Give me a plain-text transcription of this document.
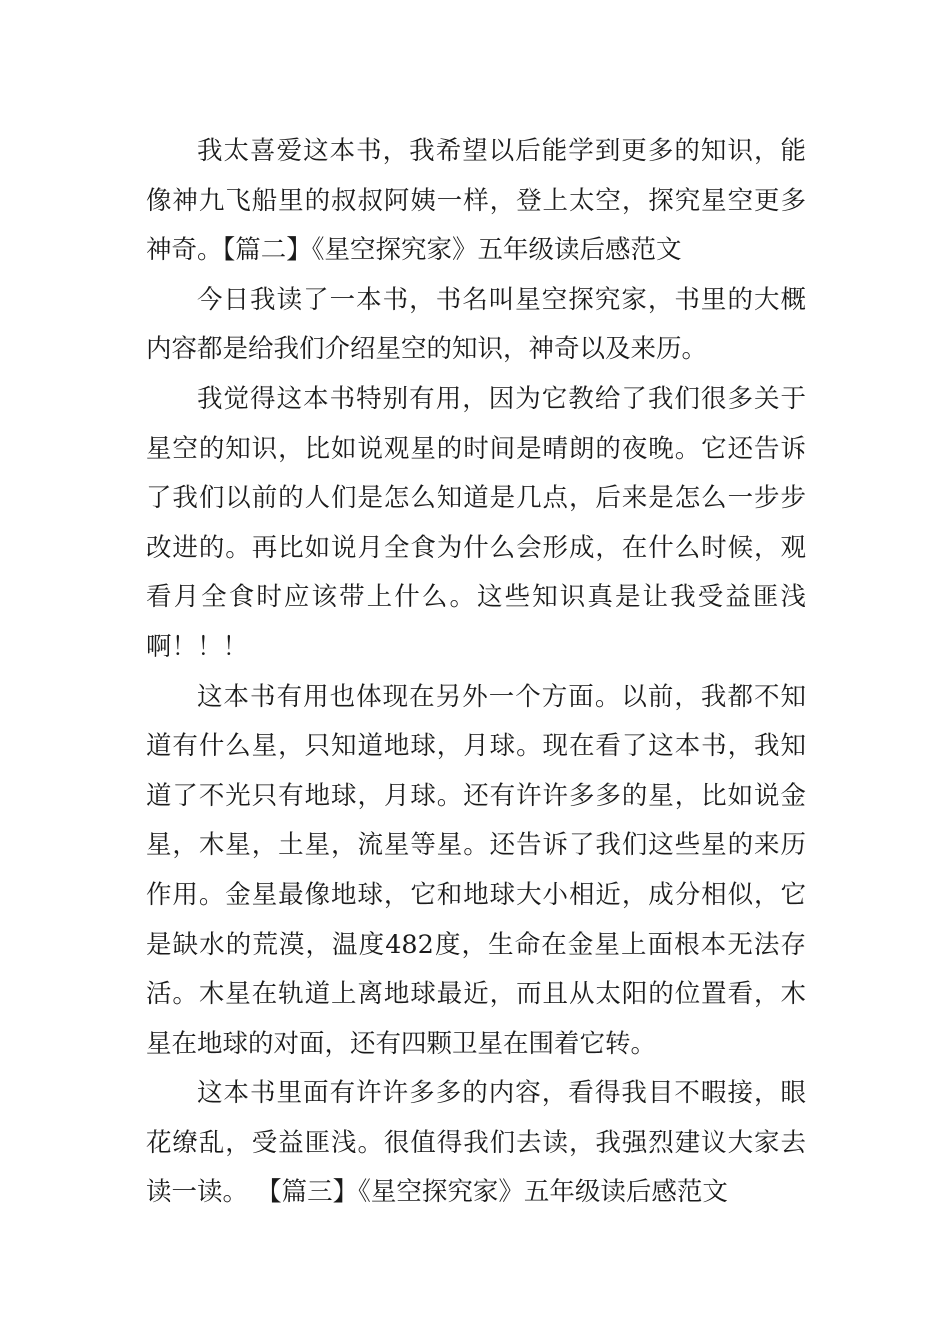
我太喜爱这本书，我希望以后能学到更多的知识，能像神九飞船里的叔叔阿姨一样，登上太空，探究星空更多神奇。【篇二】《星空探究家》五年级读后感范文

今日我读了一本书，书名叫星空探究家，书里的大概内容都是给我们介绍星空的知识，神奇以及来历。

我觉得这本书特别有用，因为它教给了我们很多关于星空的知识，比如说观星的时间是晴朗的夜晚。它还告诉了我们以前的人们是怎么知道是几点，后来是怎么一步步改进的。再比如说月全食为什么会形成，在什么时候，观看月全食时应该带上什么。这些知识真是让我受益匪浅啊！！！

这本书有用也体现在另外一个方面。以前，我都不知道有什么星，只知道地球，月球。现在看了这本书，我知道了不光只有地球，月球。还有许许多多的星，比如说金星，木星，土星，流星等星。还告诉了我们这些星的来历作用。金星最像地球，它和地球大小相近，成分相似，它是缺水的荒漠，温度482度，生命在金星上面根本无法存活。木星在轨道上离地球最近，而且从太阳的位置看，木星在地球的对面，还有四颗卫星在围着它转。

这本书里面有许许多多的内容，看得我目不暇接，眼花缭乱，受益匪浅。很值得我们去读，我强烈建议大家去读一读。 【篇三】《星空探究家》五年级读后感范文
